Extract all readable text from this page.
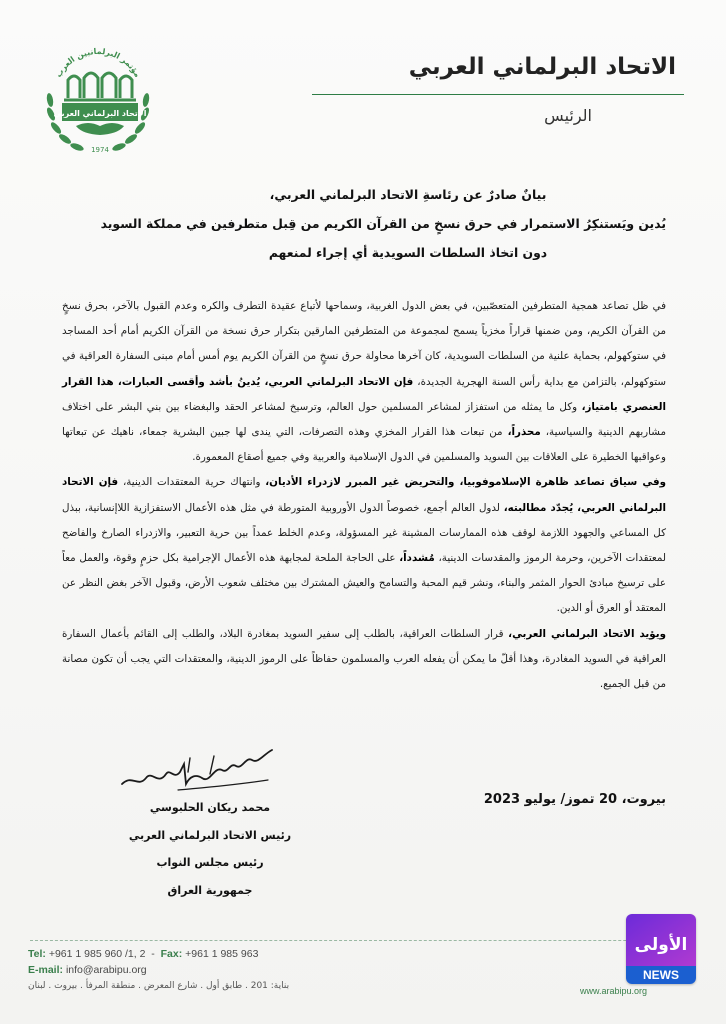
مؤتمر البرلمانيين العرب
الاتحاد البرلماني العربي
1974
الاتحاد البرلماني العربي
الرئيس
بيانٌ صادرٌ عن رئاسةِ الاتحاد البرلماني العربي،
يُدين ويَستنكِرُ الاستمرار في حرق نسخٍ من القرآن الكريم من قِبل متطرفين في مملكة السويد
دون اتخاذ السلطات السويدية أي إجراء لمنعهم

في ظل تصاعد همجية المتطرفين المتعصّبين، في بعض الدول الغربية، وسماحها لأتباع عقيدة التطرف والكره وعدم القبول بالآخر، بحرق نسخٍ من القرآن الكريم، ومن ضمنها قراراً مخزياً يسمح لمجموعة من المتطرفين المارقين بتكرار حرق نسخة من القرآن الكريم أمام أحد المساجد في ستوكهولم، بحماية علنية من السلطات السويدية، كان آخرها محاولة حرق نسخٍ من القرآن الكريم يوم أمس أمام مبنى السفارة العراقية في ستوكهولم، بالتزامن مع بداية رأس السنة الهجرية الجديدة، فإن الاتحاد البرلماني العربي، يُدينُ بأشد وأقسى العبارات، هذا القرار العنصري بامتياز، وكل ما يمثله من استفزاز لمشاعر المسلمين حول العالم، وترسيخ لمشاعر الحقد والبغضاء بين بني البشر على اختلاف مشاربهم الدينية والسياسية، محذراً، من تبعات هذا القرار المخزي وهذه التصرفات، التي يندى لها جبين البشرية جمعاء، ناهيك عن تبعاتها وعواقبها الخطيرة على العلاقات بين السويد والمسلمين في الدول الإسلامية والعربية وفي جميع أصقاع المعمورة.

وفي سياق تصاعد ظاهرة الإسلاموفوبيا، والتحريض غير المبرر لازدراء الأديان، وانتهاك حرية المعتقدات الدينية، فإن الاتحاد البرلماني العربي، يُجدّد مطالبته، لدول العالم أجمع، خصوصاً الدول الأوروبية المتورطة في مثل هذه الأعمال الاستفزازية اللاإنسانية، ببذل كل المساعي والجهود اللازمة لوقف هذه الممارسات المشينة غير المسؤولة، وعدم الخلط عمداً بين حرية التعبير، والازدراء الصارخ والفاضح لمعتقدات الآخرين، وحرمة الرموز والمقدسات الدينية، مُشدداً، على الحاجة الملحة لمجابهة هذه الأعمال الإجرامية بكل حزمٍ وقوة، والعمل معاً على ترسيخ مبادئ الحوار المثمر والبناء، ونشر قيم المحبة والتسامح والعيش المشترك بين مختلف شعوب الأرض، وقبول الآخر بغض النظر عن المعتقد أو العرق أو الدين.

ويؤيد الاتحاد البرلماني العربي، قرار السلطات العراقية، بالطلب إلى سفير السويد بمغادرة البلاد، والطلب إلى القائم بأعمال السفارة العراقية في السويد المغادرة، وهذا أقلّ ما يمكن أن يفعله العرب والمسلمون حفاظاً على الرموز الدينية، والمعتقدات التي يجب أن تكون مصانة من قبل الجميع.

محمد ريكان الحلبوسي
رئيس الاتحاد البرلماني العربي
رئيس مجلس النواب
جمهورية العراق
بيروت، 20 تموز/ يوليو 2023
Tel: +961 1 985 960 /1, 2  -  Fax: +961 1 985 963
E-mail: info@arabipu.org
بناية: 201 . طابق أول . شارع المعرض . منطقة المرفأ . بيروت . لبنان	www.arabipu.org
الأولى
NEWS
